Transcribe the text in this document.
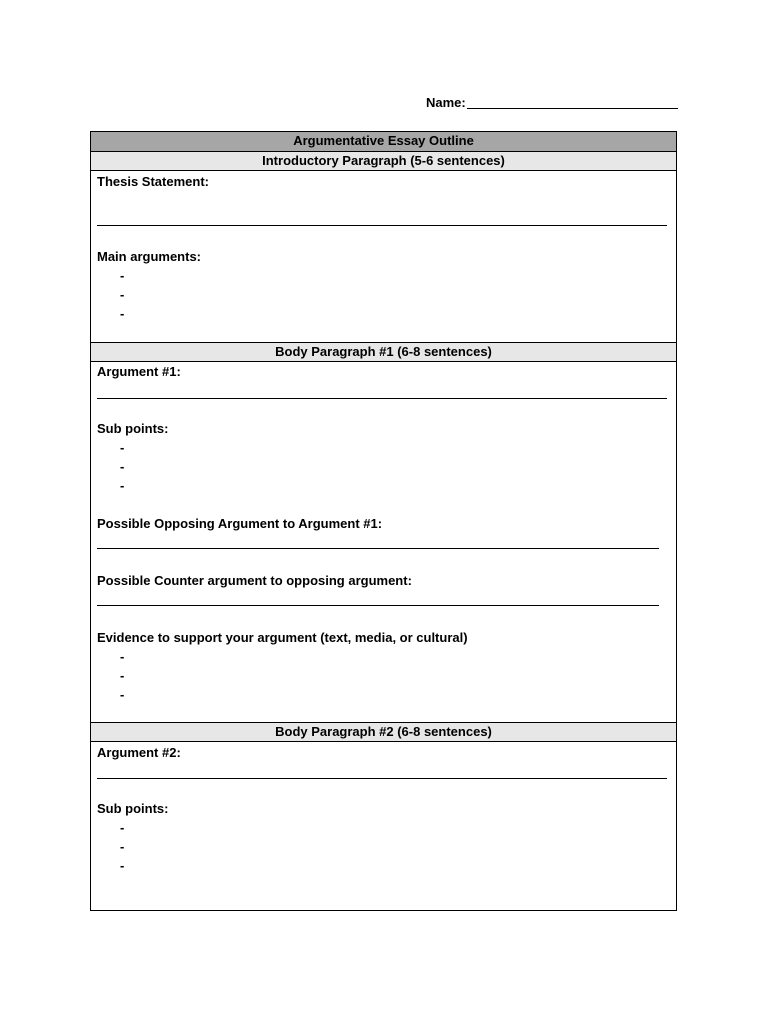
Name:
Argumentative Essay Outline
Introductory Paragraph (5-6 sentences)
Thesis Statement:
Main arguments:
-
-
-
Body Paragraph #1 (6-8 sentences)
Argument #1:
Sub points:
-
-
-
Possible Opposing Argument to Argument #1:
Possible Counter argument to opposing argument:
Evidence to support your argument (text, media, or cultural)
-
-
-
Body Paragraph #2 (6-8 sentences)
Argument #2:
Sub points:
-
-
-
